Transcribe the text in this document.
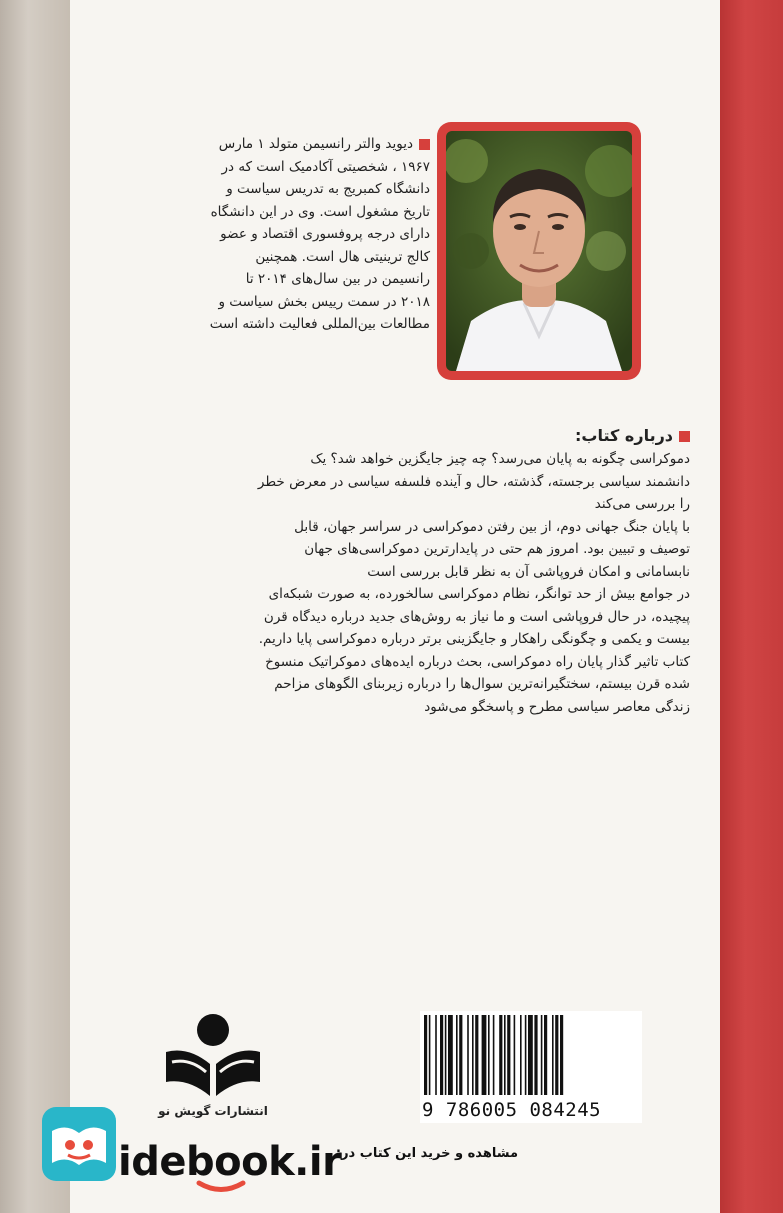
دیوید والتر رانسیمن متولد ۱ مارس

۱۹۶۷ ، شخصیتی آکادمیک است که در

دانشگاه کمبریج به تدریس سیاست و

تاریخ مشغول است. وی در این دانشگاه

دارای درجه پروفسوری اقتصاد و عضو

کالج ترینیتی هال است. همچنین

رانسیمن در بین سال‌های ۲۰۱۴ تا

۲۰۱۸ در سمت رییس بخش سیاست و

مطالعات بین‌المللی فعالیت داشته است

درباره کتاب:

دموکراسی چگونه به پایان می‌رسد؟ چه چیز جایگزین خواهد شد؟ یک

دانشمند سیاسی برجسته، گذشته، حال و آینده فلسفه سیاسی در معرض خطر

را بررسی می‌کند

با پایان جنگ جهانی دوم، از بین رفتن دموکراسی در سراسر جهان، قابل

توصیف و تبیین بود. امروز هم حتی در پایدارترین دموکراسی‌های جهان

نابسامانی و امکان فروپاشی آن به نظر قابل بررسی است

در جوامع بیش از حد توانگر، نظام دموکراسی سالخورده، به صورت شبکه‌ای

پیچیده، در حال فروپاشی است و ما نیاز به روش‌های جدید درباره دیدگاه قرن

بیست و یکمی و چگونگی راهکار و جایگزینی برتر درباره دموکراسی پایا داریم.

کتاب تاثیر گذار پایان راه دموکراسی، بحث درباره ایده‌های دموکراتیک منسوخ

شده قرن بیستم، سختگیرانه‌ترین سوال‌ها را درباره زیربنای الگوهای مزاحم

زندگی معاصر سیاسی مطرح و پاسخگو می‌شود

انتشارات گویش نو	9 786005 084245
idebook.ir
مشاهده و خرید این کتاب در:
